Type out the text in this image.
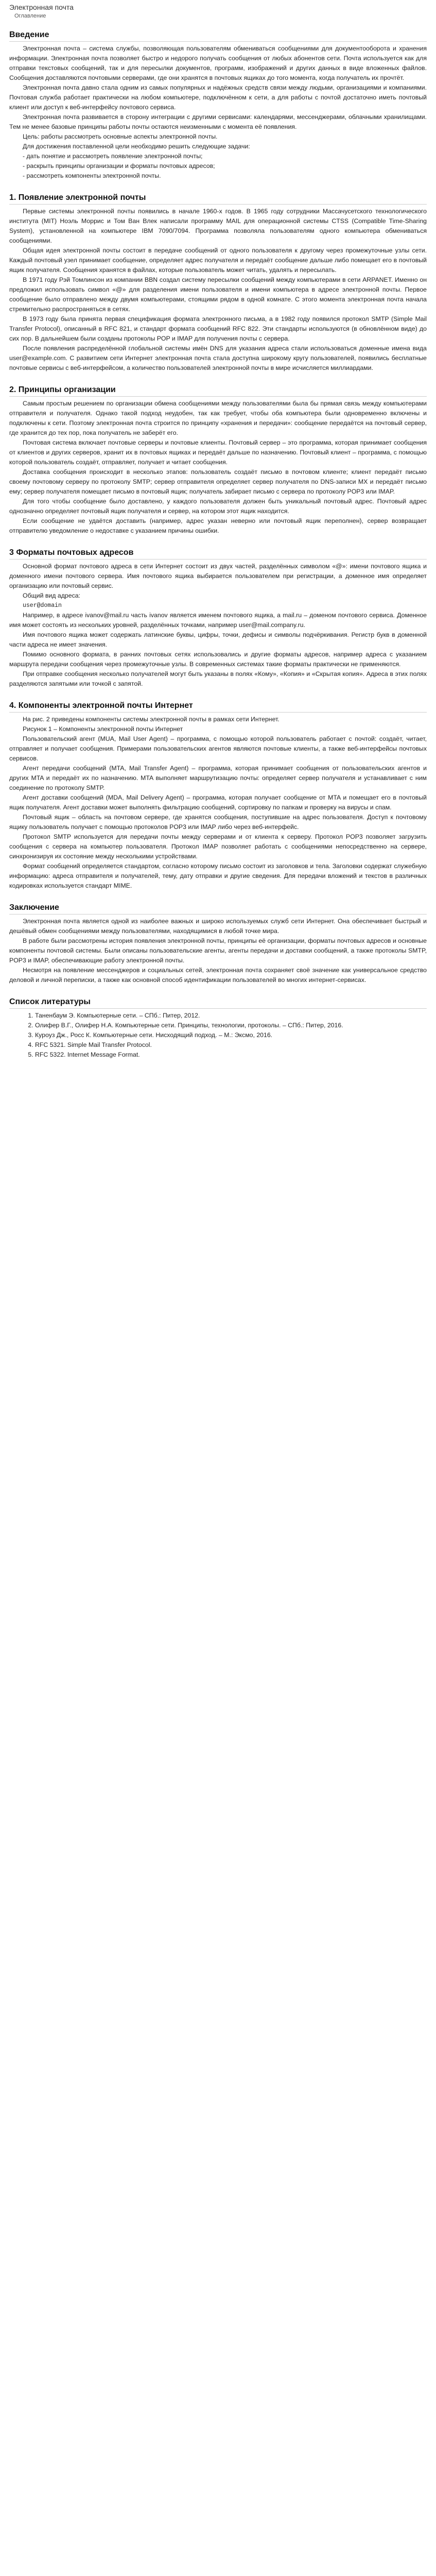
Электронная почта
Оглавление
Введение

Электронная почта – система службы, позволяющая пользователям обмениваться сообщениями для документооборота и хранения информации. Электронная почта позволяет быстро и недорого получать сообщения от любых абонентов сети. Почта используется как для отправки текстовых сообщений, так и для пересылки документов, программ, изображений и других данных в виде вложенных файлов. Сообщения доставляются почтовыми серверами, где они хранятся в почтовых ящиках до того момента, когда получатель их прочтёт.

Электронная почта давно стала одним из самых популярных и надёжных средств связи между людьми, организациями и компаниями. Почтовая служба работает практически на любом компьютере, подключённом к сети, а для работы с почтой достаточно иметь почтовый клиент или доступ к веб-интерфейсу почтового сервиса.

Электронная почта развивается в сторону интеграции с другими сервисами: календарями, мессенджерами, облачными хранилищами. Тем не менее базовые принципы работы почты остаются неизменными с момента её появления.

Цель: работы рассмотреть основные аспекты электронной почты.

Для достижения поставленной цели необходимо решить следующие задачи:

- дать понятие и рассмотреть появление электронной почты;

- раскрыть принципы организации и форматы почтовых адресов;

- рассмотреть компоненты электронной почты.

1. Появление электронной почты

Первые системы электронной почты появились в начале 1960-х годов. В 1965 году сотрудники Массачусетского технологического института (MIT) Ноэль Моррис и Том Ван Влек написали программу MAIL для операционной системы CTSS (Compatible Time-Sharing System), установленной на компьютере IBM 7090/7094. Программа позволяла пользователям одного компьютера обмениваться сообщениями.

Общая идея электронной почты состоит в передаче сообщений от одного пользователя к другому через промежуточные узлы сети. Каждый почтовый узел принимает сообщение, определяет адрес получателя и передаёт сообщение дальше либо помещает его в почтовый ящик получателя. Сообщения хранятся в файлах, которые пользователь может читать, удалять и пересылать.

В 1971 году Рэй Томлинсон из компании BBN создал систему пересылки сообщений между компьютерами в сети ARPANET. Именно он предложил использовать символ «@» для разделения имени пользователя и имени компьютера в адресе электронной почты. Первое сообщение было отправлено между двумя компьютерами, стоящими рядом в одной комнате. С этого момента электронная почта начала стремительно распространяться в сетях.

В 1973 году была принята первая спецификация формата электронного письма, а в 1982 году появился протокол SMTP (Simple Mail Transfer Protocol), описанный в RFC 821, и стандарт формата сообщений RFC 822. Эти стандарты используются (в обновлённом виде) до сих пор. В дальнейшем были созданы протоколы POP и IMAP для получения почты с сервера.

После появления распределённой глобальной системы имён DNS для указания адреса стали использоваться доменные имена вида user@example.com. С развитием сети Интернет электронная почта стала доступна широкому кругу пользователей, появились бесплатные почтовые сервисы с веб-интерфейсом, а количество пользователей электронной почты в мире исчисляется миллиардами.

2. Принципы организации

Самым простым решением по организации обмена сообщениями между пользователями была бы прямая связь между компьютерами отправителя и получателя. Однако такой подход неудобен, так как требует, чтобы оба компьютера были одновременно включены и подключены к сети. Поэтому электронная почта строится по принципу «хранения и передачи»: сообщение передаётся на почтовый сервер, где хранится до тех пор, пока получатель не заберёт его.

Почтовая система включает почтовые серверы и почтовые клиенты. Почтовый сервер – это программа, которая принимает сообщения от клиентов и других серверов, хранит их в почтовых ящиках и передаёт дальше по назначению. Почтовый клиент – программа, с помощью которой пользователь создаёт, отправляет, получает и читает сообщения.

Доставка сообщения происходит в несколько этапов: пользователь создаёт письмо в почтовом клиенте; клиент передаёт письмо своему почтовому серверу по протоколу SMTP; сервер отправителя определяет сервер получателя по DNS-записи MX и передаёт письмо ему; сервер получателя помещает письмо в почтовый ящик; получатель забирает письмо с сервера по протоколу POP3 или IMAP.

Для того чтобы сообщение было доставлено, у каждого пользователя должен быть уникальный почтовый адрес. Почтовый адрес однозначно определяет почтовый ящик получателя и сервер, на котором этот ящик находится.

Если сообщение не удаётся доставить (например, адрес указан неверно или почтовый ящик переполнен), сервер возвращает отправителю уведомление о недоставке с указанием причины ошибки.

3 Форматы почтовых адресов

Основной формат почтового адреса в сети Интернет состоит из двух частей, разделённых символом «@»: имени почтового ящика и доменного имени почтового сервера. Имя почтового ящика выбирается пользователем при регистрации, а доменное имя определяет организацию или почтовый сервис.

Общий вид адреса:

user@domain

Например, в адресе ivanov@mail.ru часть ivanov является именем почтового ящика, а mail.ru – доменом почтового сервиса. Доменное имя может состоять из нескольких уровней, разделённых точками, например user@mail.company.ru.

Имя почтового ящика может содержать латинские буквы, цифры, точки, дефисы и символы подчёркивания. Регистр букв в доменной части адреса не имеет значения.

Помимо основного формата, в ранних почтовых сетях использовались и другие форматы адресов, например адреса с указанием маршрута передачи сообщения через промежуточные узлы. В современных системах такие форматы практически не применяются.

При отправке сообщения несколько получателей могут быть указаны в полях «Кому», «Копия» и «Скрытая копия». Адреса в этих полях разделяются запятыми или точкой с запятой.

4. Компоненты электронной почты Интернет

На рис. 2 приведены компоненты системы электронной почты в рамках сети Интернет.

Рисунок 1 – Компоненты электронной почты Интернет

Пользовательский агент (MUA, Mail User Agent) – программа, с помощью которой пользователь работает с почтой: создаёт, читает, отправляет и получает сообщения. Примерами пользовательских агентов являются почтовые клиенты, а также веб-интерфейсы почтовых сервисов.

Агент передачи сообщений (MTA, Mail Transfer Agent) – программа, которая принимает сообщения от пользовательских агентов и других MTA и передаёт их по назначению. MTA выполняет маршрутизацию почты: определяет сервер получателя и устанавливает с ним соединение по протоколу SMTP.

Агент доставки сообщений (MDA, Mail Delivery Agent) – программа, которая получает сообщение от MTA и помещает его в почтовый ящик получателя. Агент доставки может выполнять фильтрацию сообщений, сортировку по папкам и проверку на вирусы и спам.

Почтовый ящик – область на почтовом сервере, где хранятся сообщения, поступившие на адрес пользователя. Доступ к почтовому ящику пользователь получает с помощью протоколов POP3 или IMAP либо через веб-интерфейс.

Протокол SMTP используется для передачи почты между серверами и от клиента к серверу. Протокол POP3 позволяет загрузить сообщения с сервера на компьютер пользователя. Протокол IMAP позволяет работать с сообщениями непосредственно на сервере, синхронизируя их состояние между несколькими устройствами.

Формат сообщений определяется стандартом, согласно которому письмо состоит из заголовков и тела. Заголовки содержат служебную информацию: адреса отправителя и получателей, тему, дату отправки и другие сведения. Для передачи вложений и текстов в различных кодировках используется стандарт MIME.

Заключение

Электронная почта является одной из наиболее важных и широко используемых служб сети Интернет. Она обеспечивает быстрый и дешёвый обмен сообщениями между пользователями, находящимися в любой точке мира.

В работе были рассмотрены история появления электронной почты, принципы её организации, форматы почтовых адресов и основные компоненты почтовой системы. Были описаны пользовательские агенты, агенты передачи и доставки сообщений, а также протоколы SMTP, POP3 и IMAP, обеспечивающие работу электронной почты.

Несмотря на появление мессенджеров и социальных сетей, электронная почта сохраняет своё значение как универсальное средство деловой и личной переписки, а также как основной способ идентификации пользователей во многих интернет-сервисах.

Список литературы
1. Таненбаум Э. Компьютерные сети. – СПб.: Питер, 2012.
2. Олифер В.Г., Олифер Н.А. Компьютерные сети. Принципы, технологии, протоколы. – СПб.: Питер, 2016.
3. Куроуз Дж., Росс К. Компьютерные сети. Нисходящий подход. – М.: Эксмо, 2016.
4. RFC 5321. Simple Mail Transfer Protocol.
5. RFC 5322. Internet Message Format.
